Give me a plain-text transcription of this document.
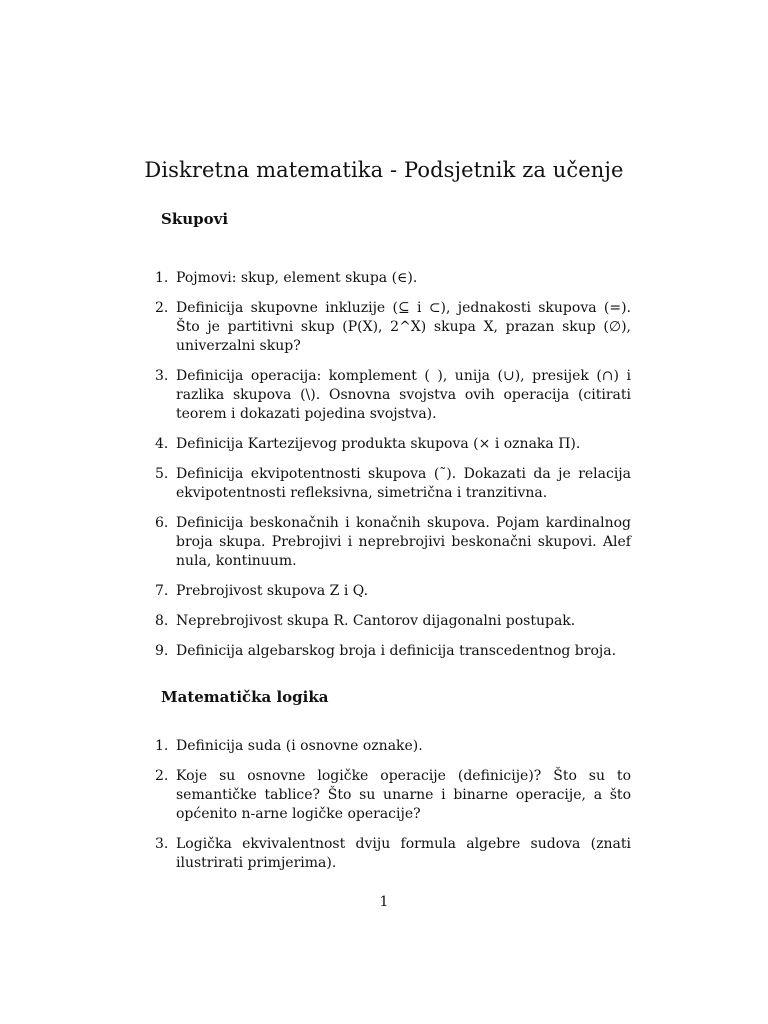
Diskretna matematika - Podsjetnik za učenje
Skupovi
1. Pojmovi: skup, element skupa (∈).
2. Definicija skupovne inkluzije (⊆ i ⊂), jednakosti skupova (=). Što je partitivni skup (P(X), 2^X) skupa X, prazan skup (∅), univerzalni skup?
3. Definicija operacija: komplement ( ), unija (∪), presijek (∩) i razlika skupova (\). Osnovna svojstva ovih operacija (citirati teorem i dokazati pojedina svojstva).
4. Definicija Kartezijevog produkta skupova (× i oznaka Π).
5. Definicija ekvipotentnosti skupova (˜). Dokazati da je relacija ekvipotentnosti refleksivna, simetrična i tranzitivna.
6. Definicija beskonačnih i konačnih skupova. Pojam kardinalnog broja skupa. Prebrojivi i neprebrojivi beskonačni skupovi. Alef nula, kontinuum.
7. Prebrojivost skupova Z i Q.
8. Neprebrojivost skupa R. Cantorov dijagonalni postupak.
9. Definicija algebarskog broja i definicija transcedentnog broja.
Matematička logika
1. Definicija suda (i osnovne oznake).
2. Koje su osnovne logičke operacije (definicije)? Što su to semantičke tablice? Što su unarne i binarne operacije, a što općenito n-arne logičke operacije?
3. Logička ekvivalentnost dviju formula algebre sudova (znati ilustrirati primjerima).
1
